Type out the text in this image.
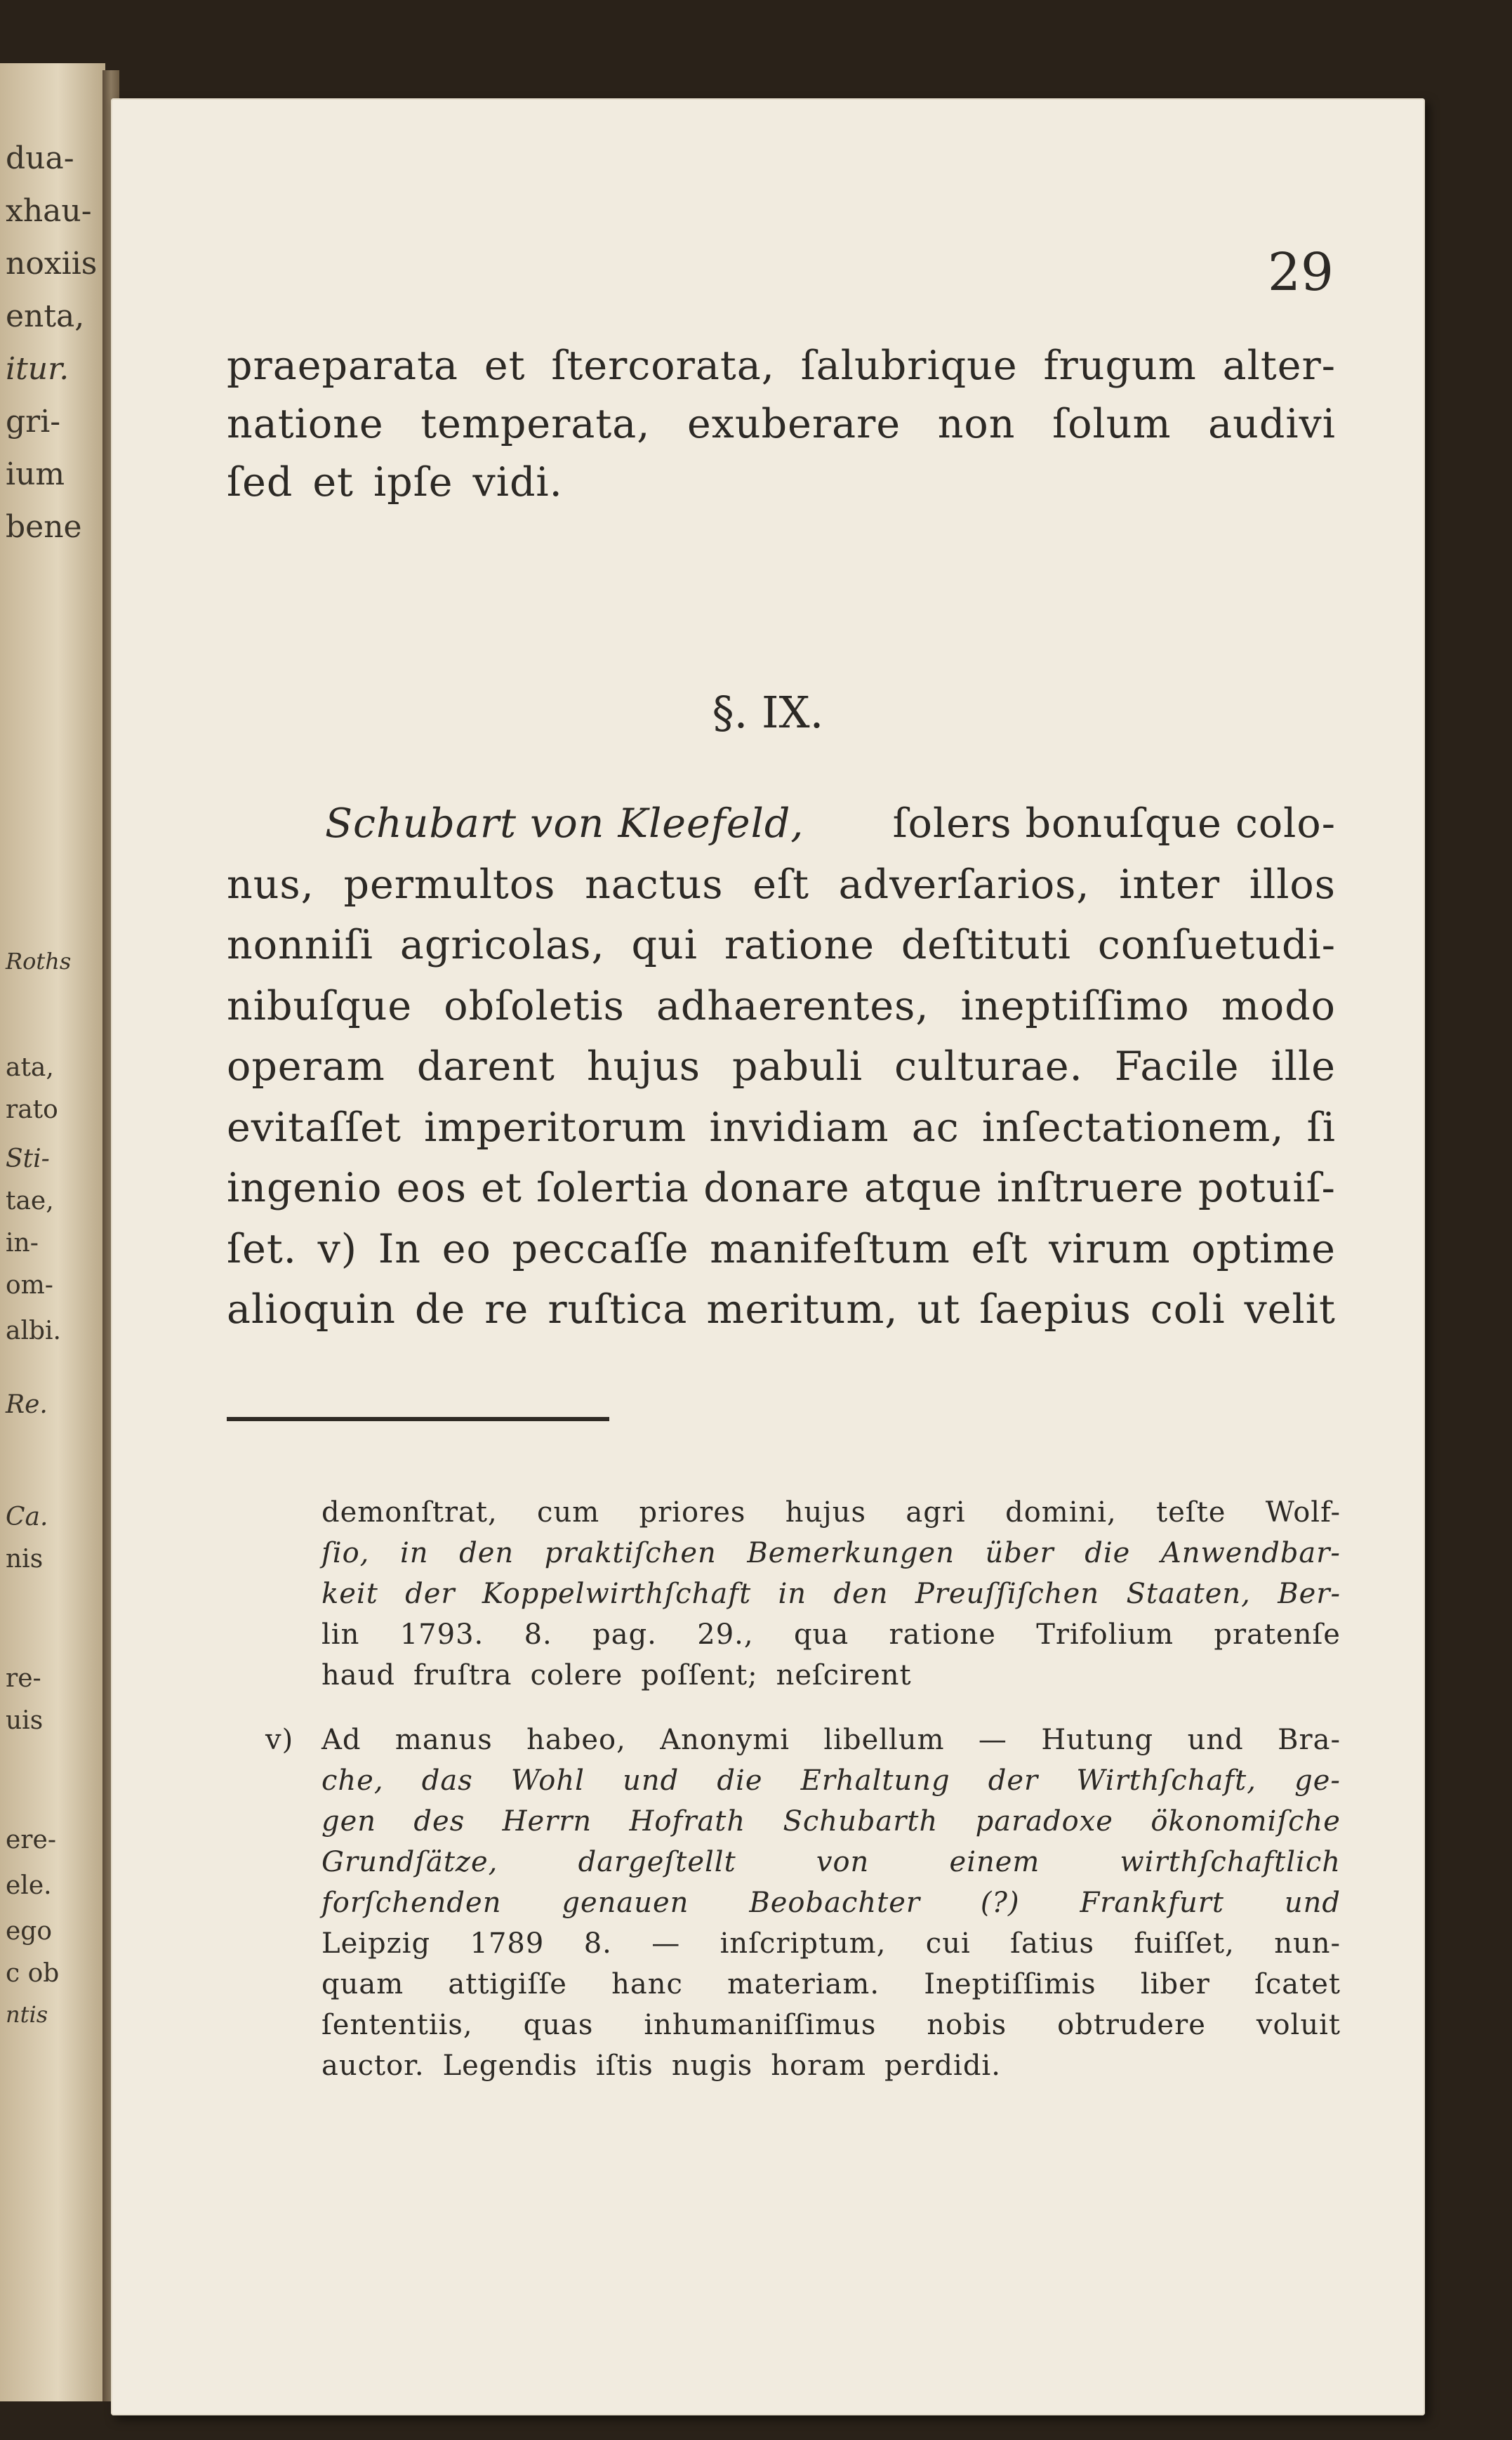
dua-
xhau-
noxiis
enta,
itur.
gri-
ium
bene
Roths
ata,
rato
Sti-
tae,
in-
om-
albi.
Re.
Ca.
nis
re-
uis
ere-
ele.
ego
c ob
ntis
29
praeparata et ſtercorata, ſalubrique frugum alter-
natione temperata, exuberare non ſolum audivi
ſed et ipſe vidi.
§. IX.
Schubart von Kleefeld, ſolers bonuſque colo-
nus, permultos nactus eſt adverſarios, inter illos
nonniſi agricolas, qui ratione deſtituti conſuetudi-
nibuſque obſoletis adhaerentes, ineptiſſimo modo
operam darent hujus pabuli culturae. Facile ille
evitaſſet imperitorum invidiam ac inſectationem, ſi
ingenio eos et ſolertia donare atque inſtruere potuiſ-
ſet. v) In eo peccaſſe manifeſtum eſt virum optime
alioquin de re ruſtica meritum, ut ſaepius coli velit
demonſtrat, cum priores hujus agri domini, teſte Wolf-
ſio, in den praktiſchen Bemerkungen über die Anwendbar-
keit der Koppelwirthſchaft in den Preuſſiſchen Staaten, Ber-
lin 1793. 8. pag. 29., qua ratione Trifolium pratenſe
haud fruſtra colere poſſent; neſcirent
v) Ad manus habeo, Anonymi libellum — Hutung und Bra-
che, das Wohl und die Erhaltung der Wirthſchaft, ge-
gen des Herrn Hofrath Schubarth paradoxe ökonomiſche
Grundſätze,	dargeſtellt	von	einem	wirthſchaftlich
forſchenden genauen Beobachter (?) Frankfurt und
Leipzig 1789 8. — inſcriptum, cui ſatius fuiſſet, nun-
quam attigiſſe hanc materiam. Ineptiſſimis liber ſcatet
ſententiis, quas inhumaniſſimus nobis obtrudere voluit
auctor. Legendis iſtis nugis horam perdidi.
